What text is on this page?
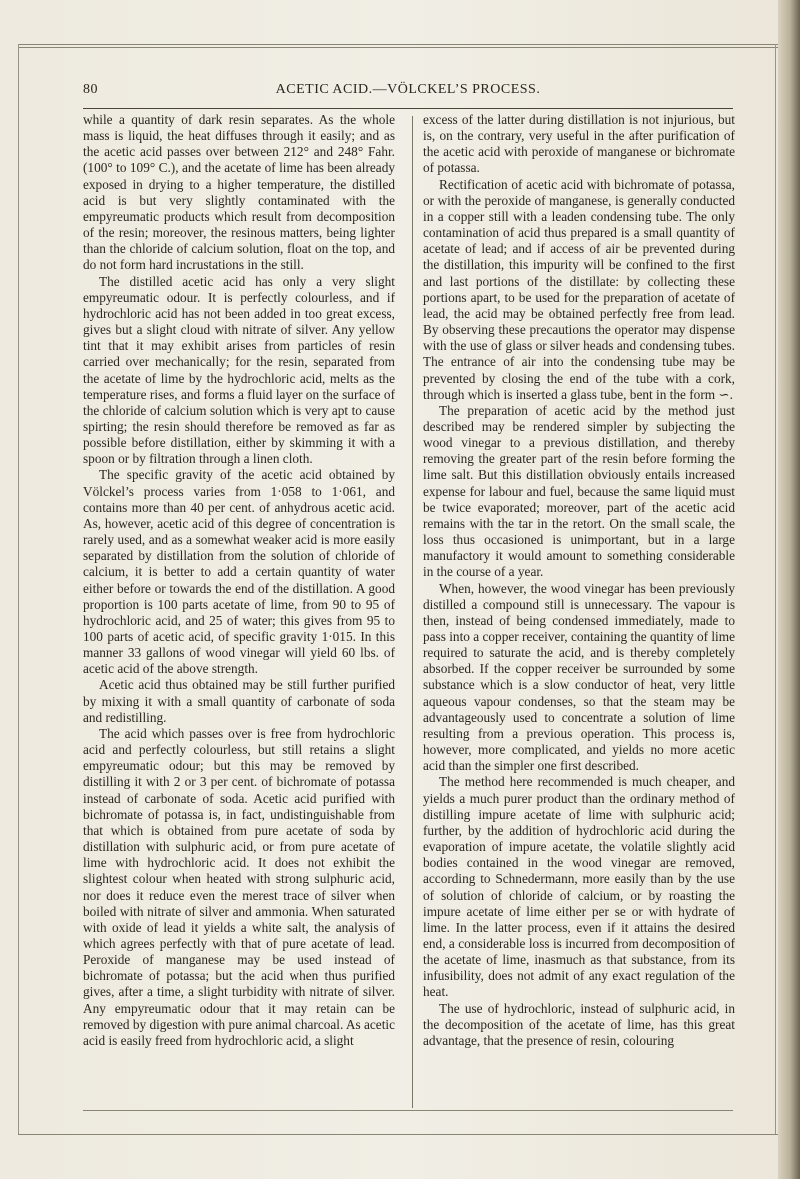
80	ACETIC ACID.—VÖLCKEL’S PROCESS.

while a quantity of dark resin separates. As the whole mass is liquid, the heat diffuses through it easily; and as the acetic acid passes over between 212° and 248° Fahr. (100° to 109° C.), and the acetate of lime has been already exposed in drying to a higher temperature, the distilled acid is but very slightly contaminated with the empyreumatic products which result from decomposition of the resin; moreover, the resinous matters, being lighter than the chloride of calcium solution, float on the top, and do not form hard incrustations in the still.

The distilled acetic acid has only a very slight empyreumatic odour. It is perfectly colourless, and if hydrochloric acid has not been added in too great excess, gives but a slight cloud with nitrate of silver. Any yellow tint that it may exhibit arises from particles of resin carried over mechanically; for the resin, separated from the acetate of lime by the hydrochloric acid, melts as the temperature rises, and forms a fluid layer on the surface of the chloride of calcium solution which is very apt to cause spirting; the resin should therefore be removed as far as possible before distillation, either by skimming it with a spoon or by filtration through a linen cloth.

The specific gravity of the acetic acid obtained by Völckel’s process varies from 1·058 to 1·061, and contains more than 40 per cent. of anhydrous acetic acid. As, however, acetic acid of this degree of concentration is rarely used, and as a somewhat weaker acid is more easily separated by distillation from the solution of chloride of calcium, it is better to add a certain quantity of water either before or towards the end of the distillation. A good proportion is 100 parts acetate of lime, from 90 to 95 of hydrochloric acid, and 25 of water; this gives from 95 to 100 parts of acetic acid, of specific gravity 1·015. In this manner 33 gallons of wood vinegar will yield 60 lbs. of acetic acid of the above strength.

Acetic acid thus obtained may be still further purified by mixing it with a small quantity of carbonate of soda and redistilling.

The acid which passes over is free from hydrochloric acid and perfectly colourless, but still retains a slight empyreumatic odour; but this may be removed by distilling it with 2 or 3 per cent. of bichromate of potassa instead of carbonate of soda. Acetic acid purified with bichromate of potassa is, in fact, undistinguishable from that which is obtained from pure acetate of soda by distillation with sulphuric acid, or from pure acetate of lime with hydrochloric acid. It does not exhibit the slightest colour when heated with strong sulphuric acid, nor does it reduce even the merest trace of silver when boiled with nitrate of silver and ammonia. When saturated with oxide of lead it yields a white salt, the analysis of which agrees perfectly with that of pure acetate of lead. Peroxide of manganese may be used instead of bichromate of potassa; but the acid when thus purified gives, after a time, a slight turbidity with nitrate of silver. Any empyreumatic odour that it may retain can be removed by digestion with pure animal charcoal. As acetic acid is easily freed from hydrochloric acid, a slight

excess of the latter during distillation is not injurious, but is, on the contrary, very useful in the after purification of the acetic acid with peroxide of manganese or bichromate of potassa.

Rectification of acetic acid with bichromate of potassa, or with the peroxide of manganese, is generally conducted in a copper still with a leaden condensing tube. The only contamination of acid thus prepared is a small quantity of acetate of lead; and if access of air be prevented during the distillation, this impurity will be confined to the first and last portions of the distillate: by collecting these portions apart, to be used for the preparation of acetate of lead, the acid may be obtained perfectly free from lead. By observing these precautions the operator may dispense with the use of glass or silver heads and condensing tubes. The entrance of air into the condensing tube may be prevented by closing the end of the tube with a cork, through which is inserted a glass tube, bent in the form ∽.

The preparation of acetic acid by the method just described may be rendered simpler by subjecting the wood vinegar to a previous distillation, and thereby removing the greater part of the resin before forming the lime salt. But this distillation obviously entails increased expense for labour and fuel, because the same liquid must be twice evaporated; moreover, part of the acetic acid remains with the tar in the retort. On the small scale, the loss thus occasioned is unimportant, but in a large manufactory it would amount to something considerable in the course of a year.

When, however, the wood vinegar has been previously distilled a compound still is unnecessary. The vapour is then, instead of being condensed immediately, made to pass into a copper receiver, containing the quantity of lime required to saturate the acid, and is thereby completely absorbed. If the copper receiver be surrounded by some substance which is a slow conductor of heat, very little aqueous vapour condenses, so that the steam may be advantageously used to concentrate a solution of lime resulting from a previous operation. This process is, however, more complicated, and yields no more acetic acid than the simpler one first described.

The method here recommended is much cheaper, and yields a much purer product than the ordinary method of distilling impure acetate of lime with sulphuric acid; further, by the addition of hydrochloric acid during the evaporation of impure acetate, the volatile slightly acid bodies contained in the wood vinegar are removed, according to Schnedermann, more easily than by the use of solution of chloride of calcium, or by roasting the impure acetate of lime either per se or with hydrate of lime. In the latter process, even if it attains the desired end, a considerable loss is incurred from decomposition of the acetate of lime, inasmuch as that substance, from its infusibility, does not admit of any exact regulation of the heat.

The use of hydrochloric, instead of sulphuric acid, in the decomposition of the acetate of lime, has this great advantage, that the presence of resin, colouring
